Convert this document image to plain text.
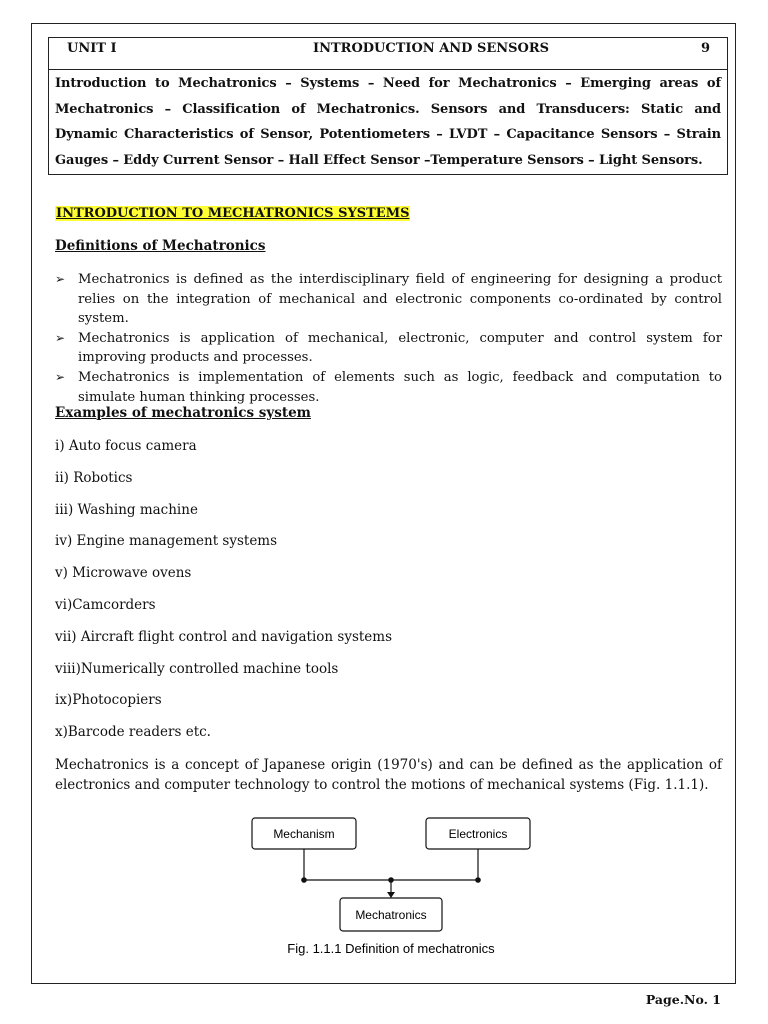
UNIT I	INTRODUCTION AND SENSORS	9

Introduction to Mechatronics – Systems – Need for Mechatronics – Emerging areas of Mechatronics – Classification of Mechatronics. Sensors and Transducers: Static and Dynamic Characteristics of Sensor, Potentiometers – LVDT – Capacitance Sensors – Strain Gauges – Eddy Current Sensor – Hall Effect Sensor –Temperature Sensors – Light Sensors.

INTRODUCTION TO MECHATRONICS SYSTEMS
Definitions of Mechatronics
➢ Mechatronics is defined as the interdisciplinary field of engineering for designing a product relies on the integration of mechanical and electronic components co-ordinated by control system.
➢ Mechatronics is application of mechanical, electronic, computer and control system for improving products and processes.
➢ Mechatronics is implementation of elements such as logic, feedback and computation to simulate human thinking processes.
Examples of mechatronics system
i) Auto focus camera
ii) Robotics
iii) Washing machine
iv) Engine management systems
v) Microwave ovens
vi)Camcorders
vii) Aircraft flight control and navigation systems
viii)Numerically controlled machine tools
ix)Photocopiers
x)Barcode readers etc.

Mechatronics is a concept of Japanese origin (1970's) and can be defined as the application of electronics and computer technology to control the motions of mechanical systems (Fig. 1.1.1).

Mechanism	Electronics
Mechatronics
Fig. 1.1.1 Definition of mechatronics

Page.No. 1
